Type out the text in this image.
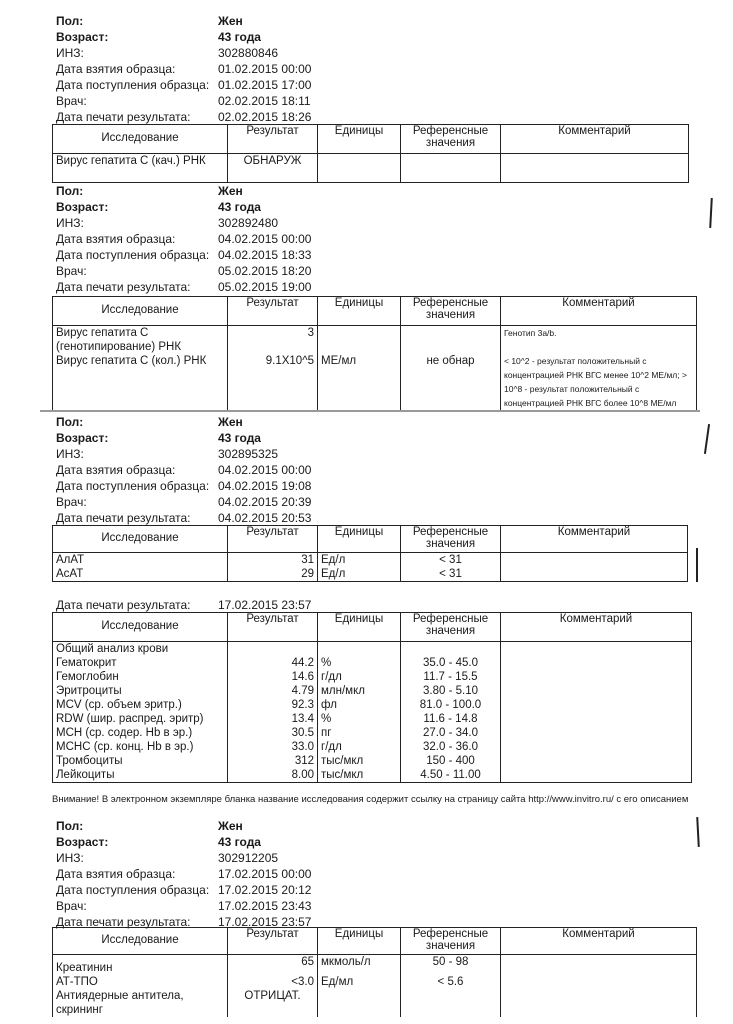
Пол:	Жен
Возраст:	43 года
ИНЗ:	302880846
Дата взятия образца:	01.02.2015 00:00
Дата поступления образца: 01.02.2015 17:00
Врач:	02.02.2015 18:11
Дата печати результата: 02.02.2015 18:26
Исследование	Результат	Единицы	Референсные значения	Комментарий
Вирус гепатита С (кач.) РНК	ОБНАРУЖ			
Пол:	Жен
Возраст:	43 года
ИНЗ:	302892480
Дата взятия образца:	04.02.2015 00:00
Дата поступления образца: 04.02.2015 18:33
Врач:	05.02.2015 18:20
Дата печати результата: 05.02.2015 19:00
Исследование	Результат	Единицы	Референсные значения	Комментарий
Вирус гепатита С (генотипирование) РНК	3			Генотип 3a/b.
Вирус гепатита С (кол.) РНК	9.1X10^5	МЕ/мл	не обнар	< 10^2 - результат положительный с концентрацией РНК ВГС менее 10^2 МЕ/мл; > 10^8 - результат положительный с концентрацией РНК ВГС более 10^8 МЕ/мл
Пол:	Жен
Возраст:	43 года
ИНЗ:	302895325
Дата взятия образца:	04.02.2015 00:00
Дата поступления образца: 04.02.2015 19:08
Врач:	04.02.2015 20:39
Дата печати результата: 04.02.2015 20:53
Исследование	Результат	Единицы	Референсные значения	Комментарий
АлАТ	31	Ед/л	< 31	
АсАТ	29	Ед/л	< 31	
Дата печати результата: 17.02.2015 23:57
Исследование	Результат	Единицы	Референсные значения	Комментарий
Общий анализ крови				
Гематокрит	44.2	%	35.0 - 45.0	
Гемоглобин	14.6	г/дл	11.7 - 15.5	
Эритроциты	4.79	млн/мкл	3.80 - 5.10	
MCV (ср. объем эритр.)	92.3	фл	81.0 - 100.0	
RDW (шир. распред. эритр)	13.4	%	11.6 - 14.8	
МСН (ср. содер. Hb в эр.)	30.5	пг	27.0 - 34.0	
МСНС (ср. конц. Hb в эр.)	33.0	г/дл	32.0 - 36.0	
Тромбоциты	312	тыс/мкл	150 - 400	
Лейкоциты	8.00	тыс/мкл	4.50 - 11.00	
Внимание! В электронном экземпляре бланка название исследования содержит ссылку на страницу сайта http://www.invitro.ru/ с его описанием
Пол:	Жен
Возраст:	43 года
ИНЗ:	302912205
Дата взятия образца:	17.02.2015 00:00
Дата поступления образца: 17.02.2015 20:12
Врач:	17.02.2015 23:43
Дата печати результата: 17.02.2015 23:57
Исследование	Результат	Единицы	Референсные значения	Комментарий
Креатинин	65	мкмоль/л	50 - 98	
АТ-ТПО	<3.0	Ед/мл	< 5.6	
Антиядерные антитела, скрининг	ОТРИЦАТ.			
